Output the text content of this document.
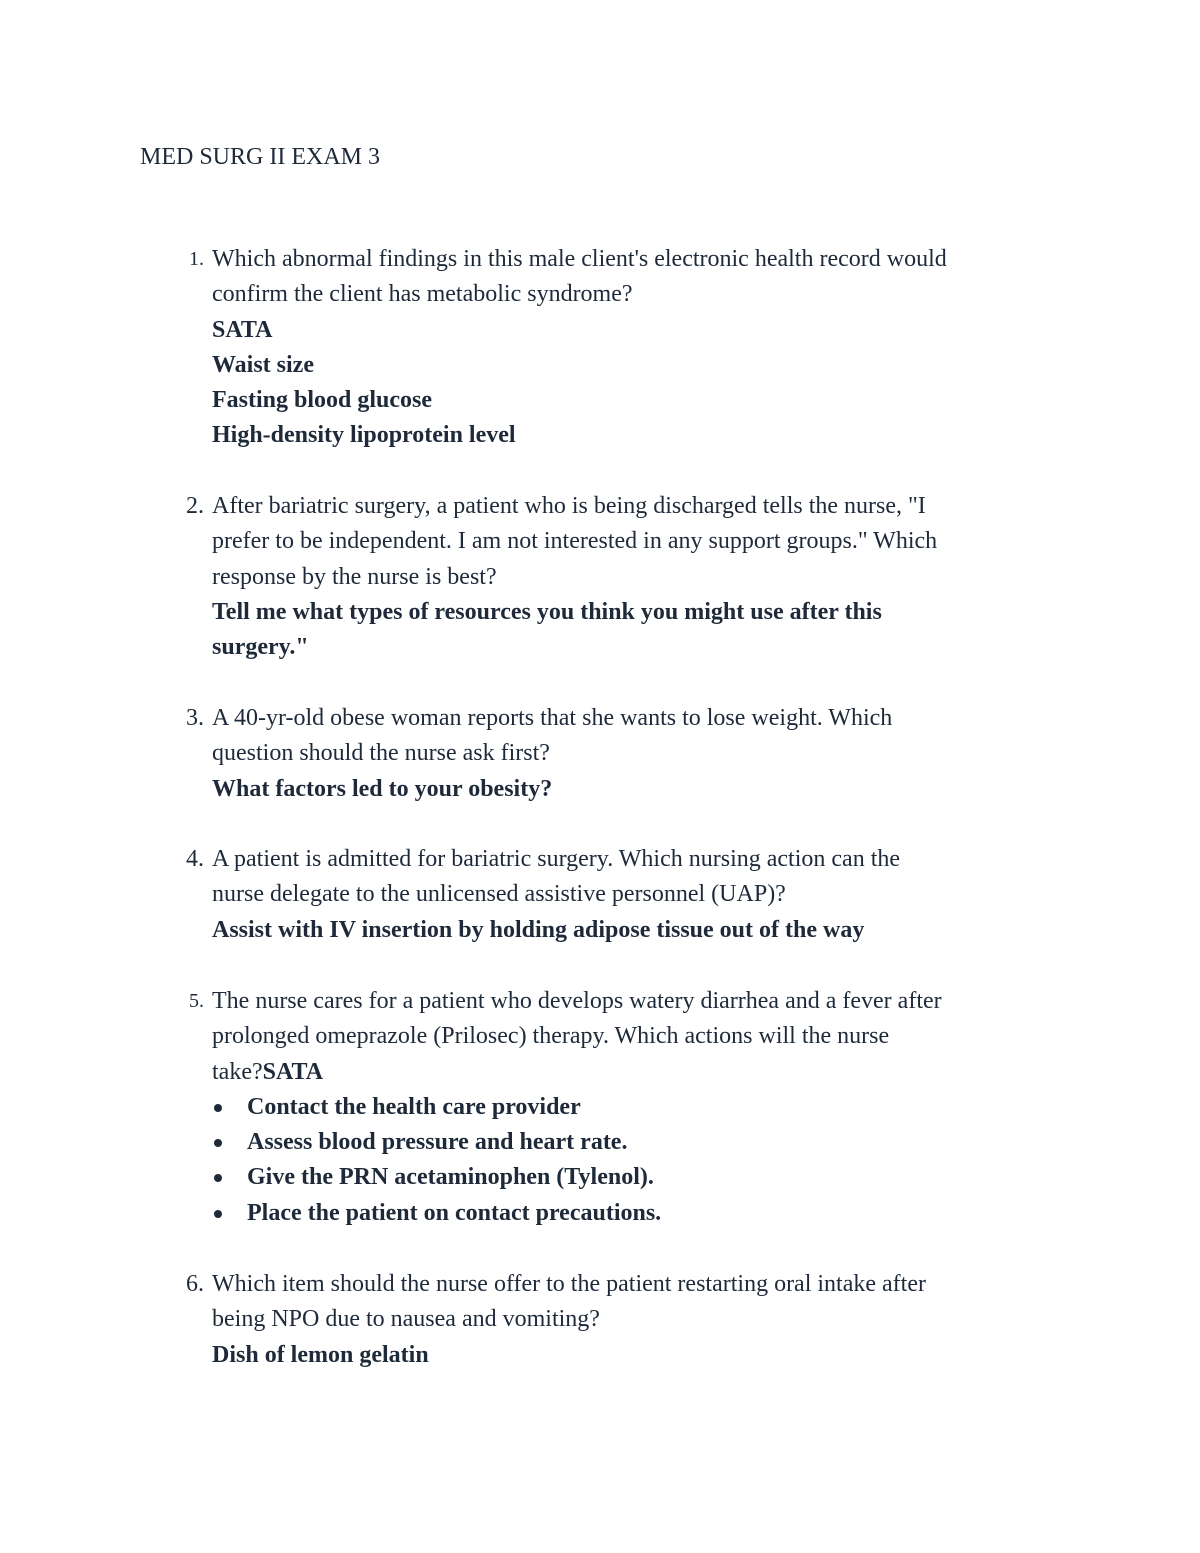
MED SURG II EXAM 3
1. Which abnormal findings in this male client's electronic health record would
confirm the client has metabolic syndrome?
SATA
Waist size
Fasting blood glucose
High-density lipoprotein level
2. After bariatric surgery, a patient who is being discharged tells the nurse, "I
prefer to be independent. I am not interested in any support groups." Which
response by the nurse is best?
Tell me what types of resources you think you might use after this
surgery."
3. A 40-yr-old obese woman reports that she wants to lose weight. Which
question should the nurse ask first?
What factors led to your obesity?
4. A patient is admitted for bariatric surgery. Which nursing action can the
nurse delegate to the unlicensed assistive personnel (UAP)?
Assist with IV insertion by holding adipose tissue out of the way
5. The nurse cares for a patient who develops watery diarrhea and a fever after
prolonged omeprazole (Prilosec) therapy. Which actions will the nurse
take?SATA
Contact the health care provider
Assess blood pressure and heart rate.
Give the PRN acetaminophen (Tylenol).
Place the patient on contact precautions.
6. Which item should the nurse offer to the patient restarting oral intake after
being NPO due to nausea and vomiting?
Dish of lemon gelatin
